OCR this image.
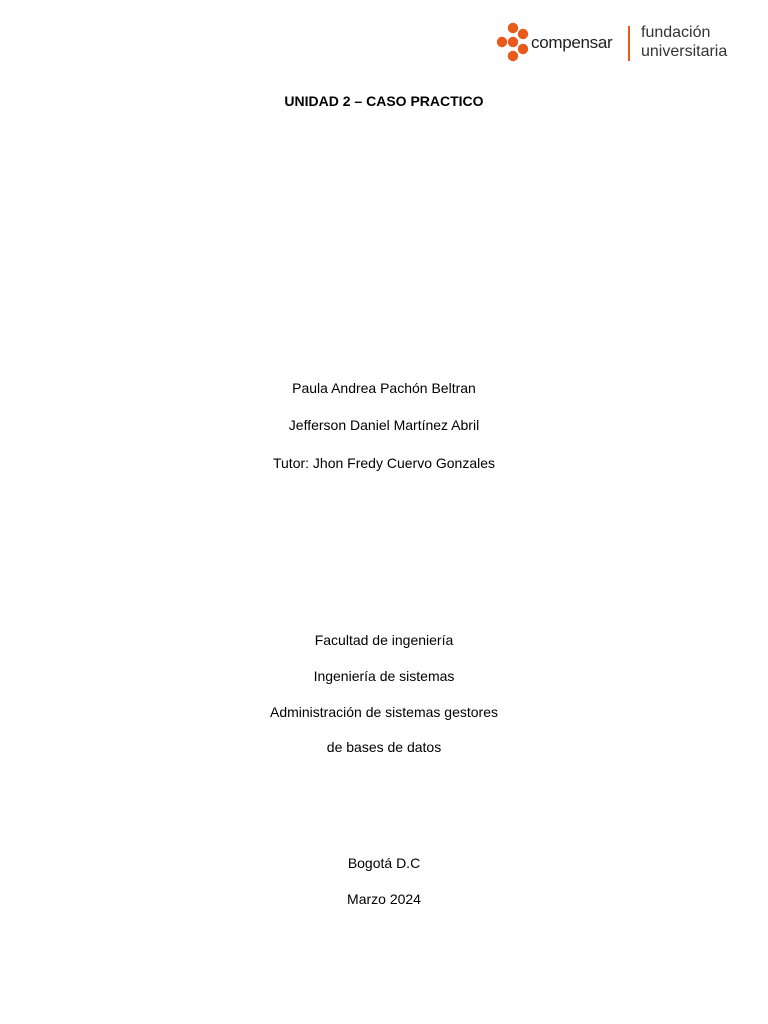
compensar
fundación
universitaria
UNIDAD 2 – CASO PRACTICO
Paula Andrea Pachón Beltran
Jefferson Daniel Martínez Abril
Tutor: Jhon Fredy Cuervo Gonzales
Facultad de ingeniería
Ingeniería de sistemas
Administración de sistemas gestores
de bases de datos
Bogotá D.C
Marzo 2024
